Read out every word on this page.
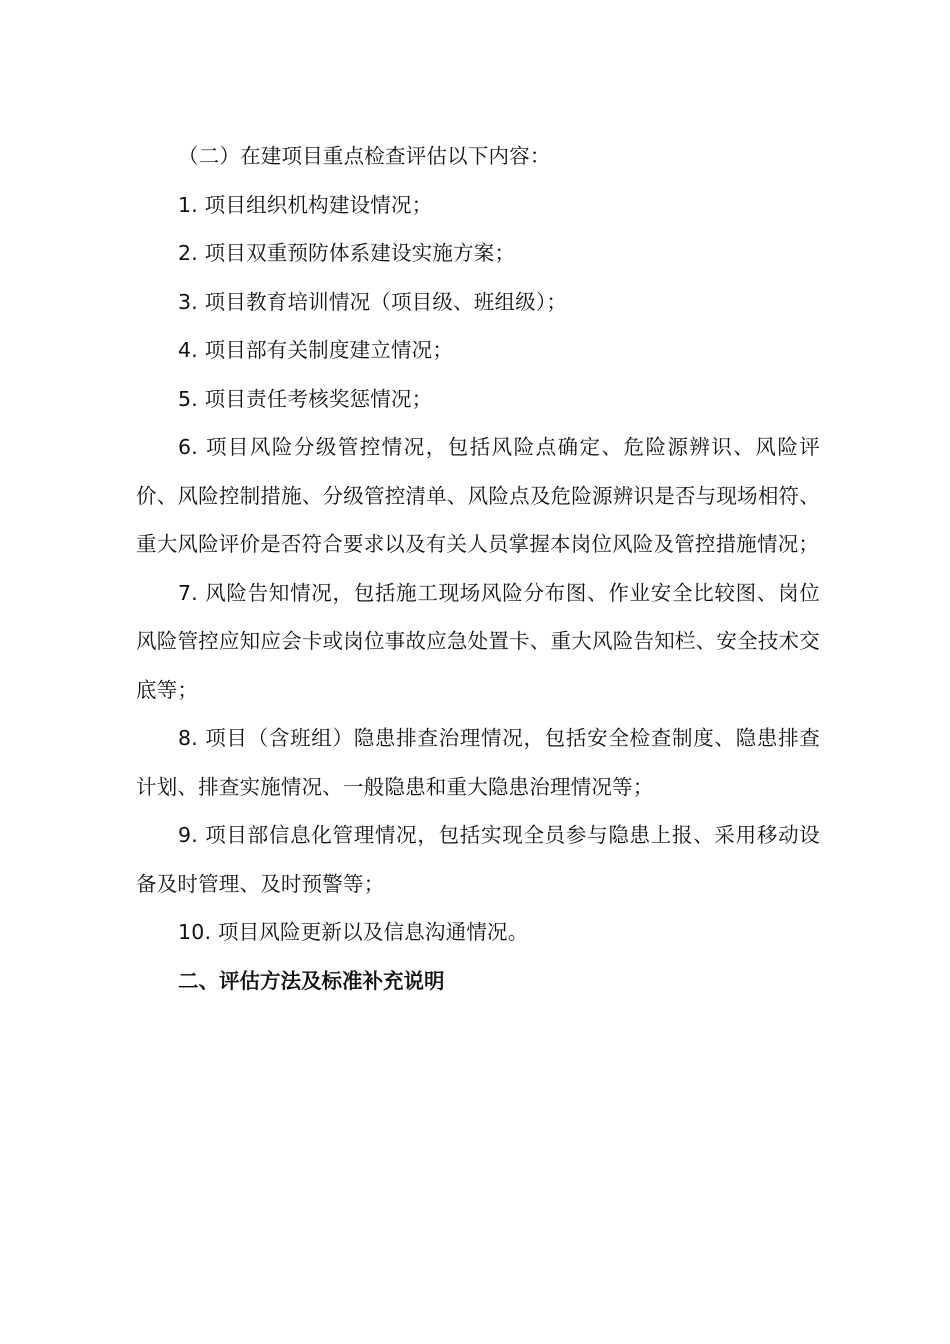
（二）在建项目重点检查评估以下内容：

1. 项目组织机构建设情况；

2. 项目双重预防体系建设实施方案；

3. 项目教育培训情况（项目级、班组级）；

4. 项目部有关制度建立情况；

5. 项目责任考核奖惩情况；

6. 项目风险分级管控情况，包括风险点确定、危险源辨识、风险评价、风险控制措施、分级管控清单、风险点及危险源辨识是否与现场相符、重大风险评价是否符合要求以及有关人员掌握本岗位风险及管控措施情况；

7. 风险告知情况，包括施工现场风险分布图、作业安全比较图、岗位风险管控应知应会卡或岗位事故应急处置卡、重大风险告知栏、安全技术交底等；

8. 项目（含班组）隐患排查治理情况，包括安全检查制度、隐患排查计划、排查实施情况、一般隐患和重大隐患治理情况等；

9. 项目部信息化管理情况，包括实现全员参与隐患上报、采用移动设备及时管理、及时预警等；

10. 项目风险更新以及信息沟通情况。

二、评估方法及标准补充说明
